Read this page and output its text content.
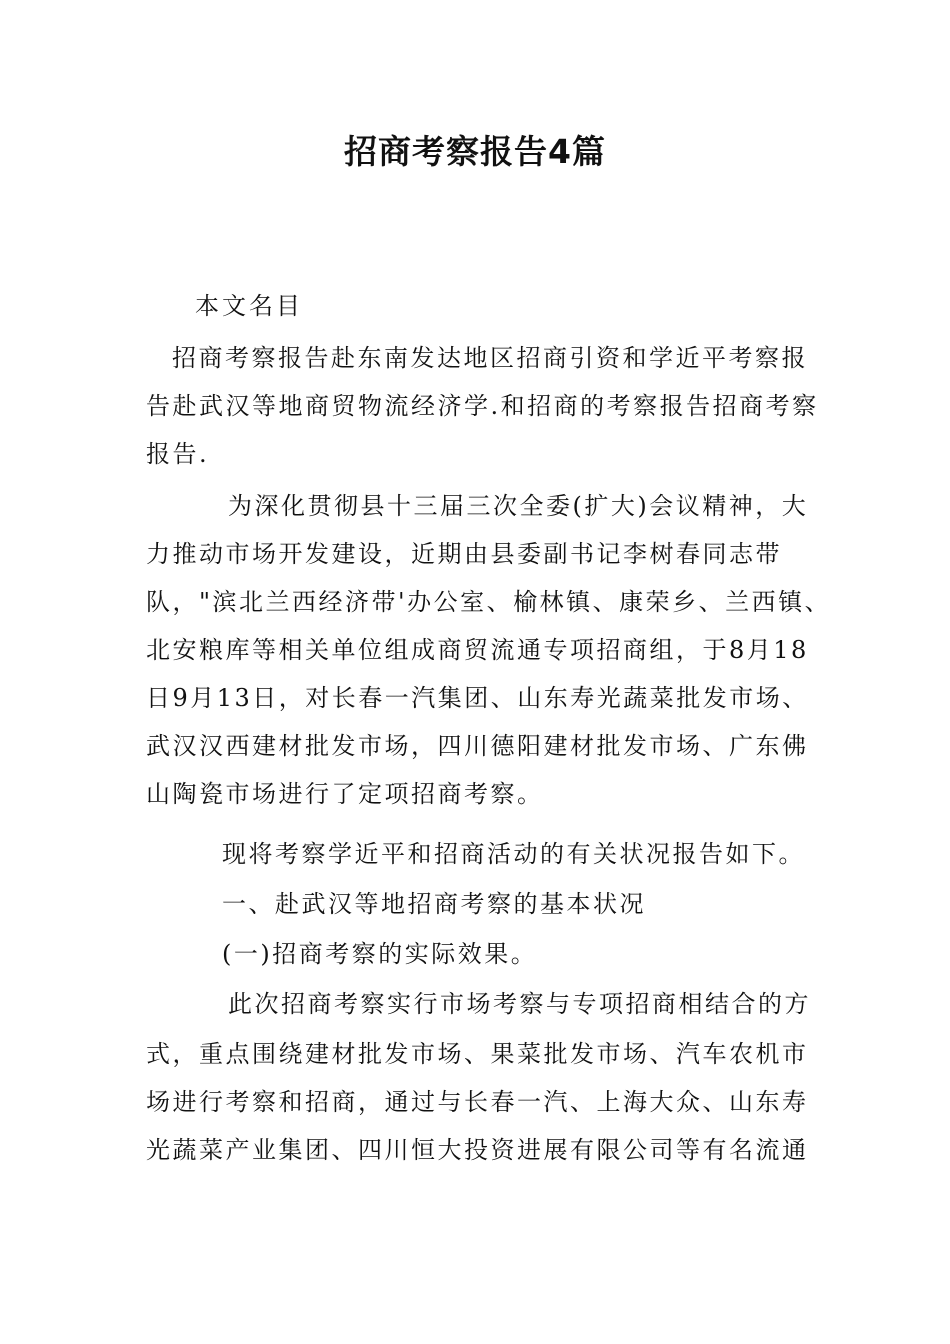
招商考察报告4篇
本文名目
招商考察报告赴东南发达地区招商引资和学近平考察报
告赴武汉等地商贸物流经济学.和招商的考察报告招商考察
报告.
为深化贯彻县十三届三次全委(扩大)会议精神，大
力推动市场开发建设，近期由县委副书记李树春同志带
队，"滨北兰西经济带'办公室、榆林镇、康荣乡、兰西镇、
北安粮库等相关单位组成商贸流通专项招商组，于8月18
日9月13日，对长春一汽集团、山东寿光蔬菜批发市场、
武汉汉西建材批发市场，四川德阳建材批发市场、广东佛
山陶瓷市场进行了定项招商考察。
现将考察学近平和招商活动的有关状况报告如下。
一、赴武汉等地招商考察的基本状况
(一)招商考察的实际效果。
此次招商考察实行市场考察与专项招商相结合的方
式，重点围绕建材批发市场、果菜批发市场、汽车农机市
场进行考察和招商，通过与长春一汽、上海大众、山东寿
光蔬菜产业集团、四川恒大投资进展有限公司等有名流通
